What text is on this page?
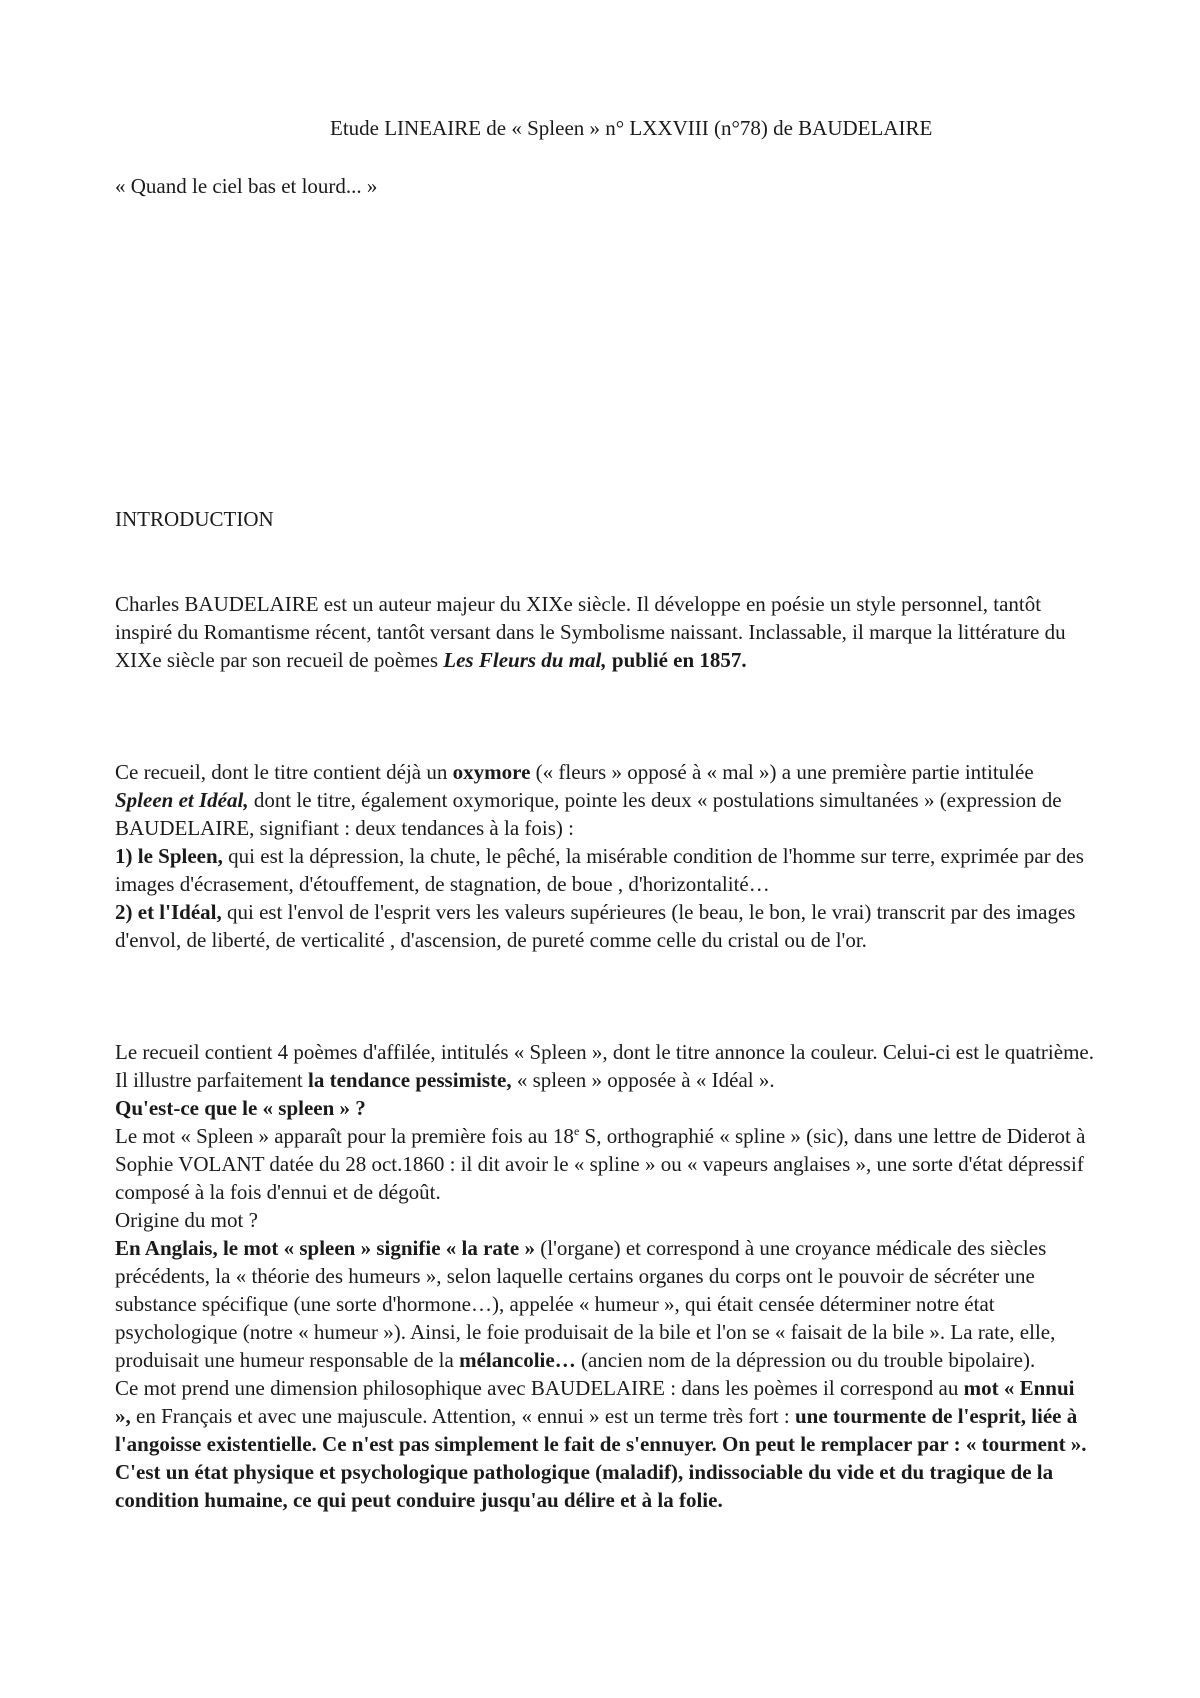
Etude LINEAIRE de « Spleen » n° LXXVIII (n°78) de BAUDELAIRE
« Quand le ciel bas et lourd... »
INTRODUCTION

Charles BAUDELAIRE est un auteur majeur du XIXe siècle. Il développe en poésie un style personnel, tantôt inspiré du Romantisme récent, tantôt versant dans le Symbolisme naissant. Inclassable, il marque la littérature du XIXe siècle par son recueil de poèmes Les Fleurs du mal, publié en 1857.

Ce recueil, dont le titre contient déjà un oxymore (« fleurs » opposé à « mal ») a une première partie intitulée Spleen et Idéal, dont le titre, également oxymorique, pointe les deux « postulations simultanées » (expression de BAUDELAIRE, signifiant : deux tendances à la fois) :
1) le Spleen, qui est la dépression, la chute, le pêché, la misérable condition de l'homme sur terre, exprimée par des images d'écrasement, d'étouffement, de stagnation, de boue , d'horizontalité…
2) et l'Idéal, qui est l'envol de l'esprit vers les valeurs supérieures (le beau, le bon, le vrai) transcrit par des images d'envol, de liberté, de verticalité , d'ascension, de pureté comme celle du cristal ou de l'or.

Le recueil contient 4 poèmes d'affilée, intitulés « Spleen », dont le titre annonce la couleur. Celui-ci est le quatrième. Il illustre parfaitement la tendance pessimiste, « spleen » opposée à « Idéal ».
Qu'est-ce que le « spleen » ?
Le mot « Spleen » apparaît pour la première fois au 18e S, orthographié « spline » (sic), dans une lettre de Diderot à Sophie VOLANT datée du 28 oct.1860 : il dit avoir le « spline » ou « vapeurs anglaises », une sorte d'état dépressif composé à la fois d'ennui et de dégoût.
Origine du mot ?
En Anglais, le mot « spleen » signifie « la rate » (l'organe) et correspond à une croyance médicale des siècles précédents, la « théorie des humeurs », selon laquelle certains organes du corps ont le pouvoir de sécréter une substance spécifique (une sorte d'hormone…), appelée « humeur », qui était censée déterminer notre état psychologique (notre « humeur »). Ainsi, le foie produisait de la bile et l'on se « faisait de la bile ». La rate, elle, produisait une humeur responsable de la mélancolie… (ancien nom de la dépression ou du trouble bipolaire).
Ce mot prend une dimension philosophique avec BAUDELAIRE : dans les poèmes il correspond au mot « Ennui », en Français et avec une majuscule. Attention, « ennui » est un terme très fort : une tourmente de l'esprit, liée à l'angoisse existentielle. Ce n'est pas simplement le fait de s'ennuyer. On peut le remplacer par : « tourment ».
C'est un état physique et psychologique pathologique (maladif), indissociable du vide et du tragique de la condition humaine, ce qui peut conduire jusqu'au délire et à la folie.
